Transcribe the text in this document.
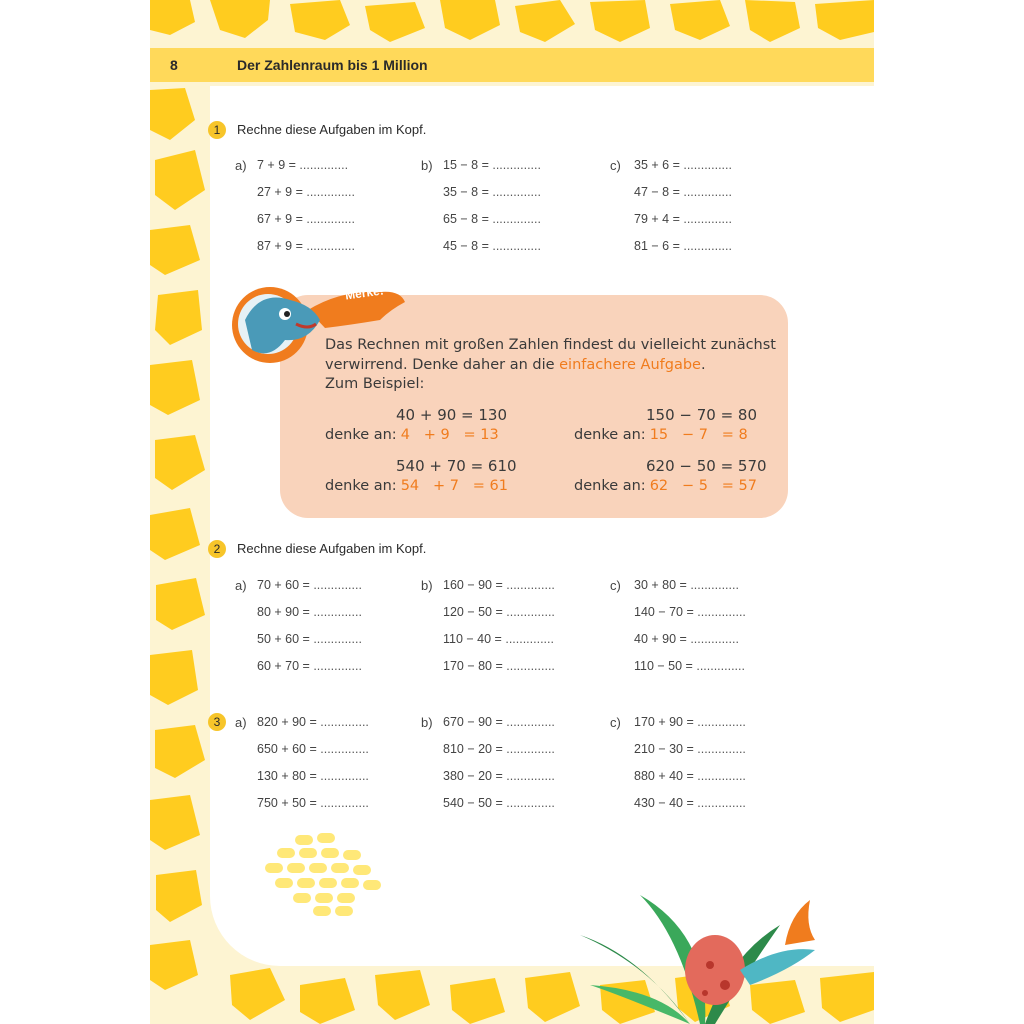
8	Der Zahlenraum bis 1 Million
1	Rechne diese Aufgaben im Kopf.
a) 7 + 9 = ..............
27 + 9 = ..............
67 + 9 = ..............
87 + 9 = ..............
b) 15 − 8 = ..............
35 − 8 = ..............
65 − 8 = ..............
45 − 8 = ..............
c) 35 + 6 = ..............
47 − 8 = ..............
79 + 4 = ..............
81 − 6 = ..............
Merke!
Das Rechnen mit großen Zahlen findest du vielleicht zunächst
verwirrend. Denke daher an die einfachere Aufgabe.
Zum Beispiel:
40 + 90 = 130
denke an: 4   + 9   = 13
150 − 70 = 80
denke an: 15   − 7   = 8
540 + 70 = 610
denke an: 54   + 7   = 61
620 − 50 = 570
denke an: 62   − 5   = 57
2	Rechne diese Aufgaben im Kopf.
a) 70 + 60 = ..............
80 + 90 = ..............
50 + 60 = ..............
60 + 70 = ..............
b) 160 − 90 = ..............
120 − 50 = ..............
110 − 40 = ..............
170 − 80 = ..............
c) 30 + 80 = ..............
140 − 70 = ..............
40 + 90 = ..............
110 − 50 = ..............
3	a) 820 + 90 = ..............
650 + 60 = ..............
130 + 80 = ..............
750 + 50 = ..............
b) 670 − 90 = ..............
810 − 20 = ..............
380 − 20 = ..............
540 − 50 = ..............
c) 170 + 90 = ..............
210 − 30 = ..............
880 + 40 = ..............
430 − 40 = ..............
